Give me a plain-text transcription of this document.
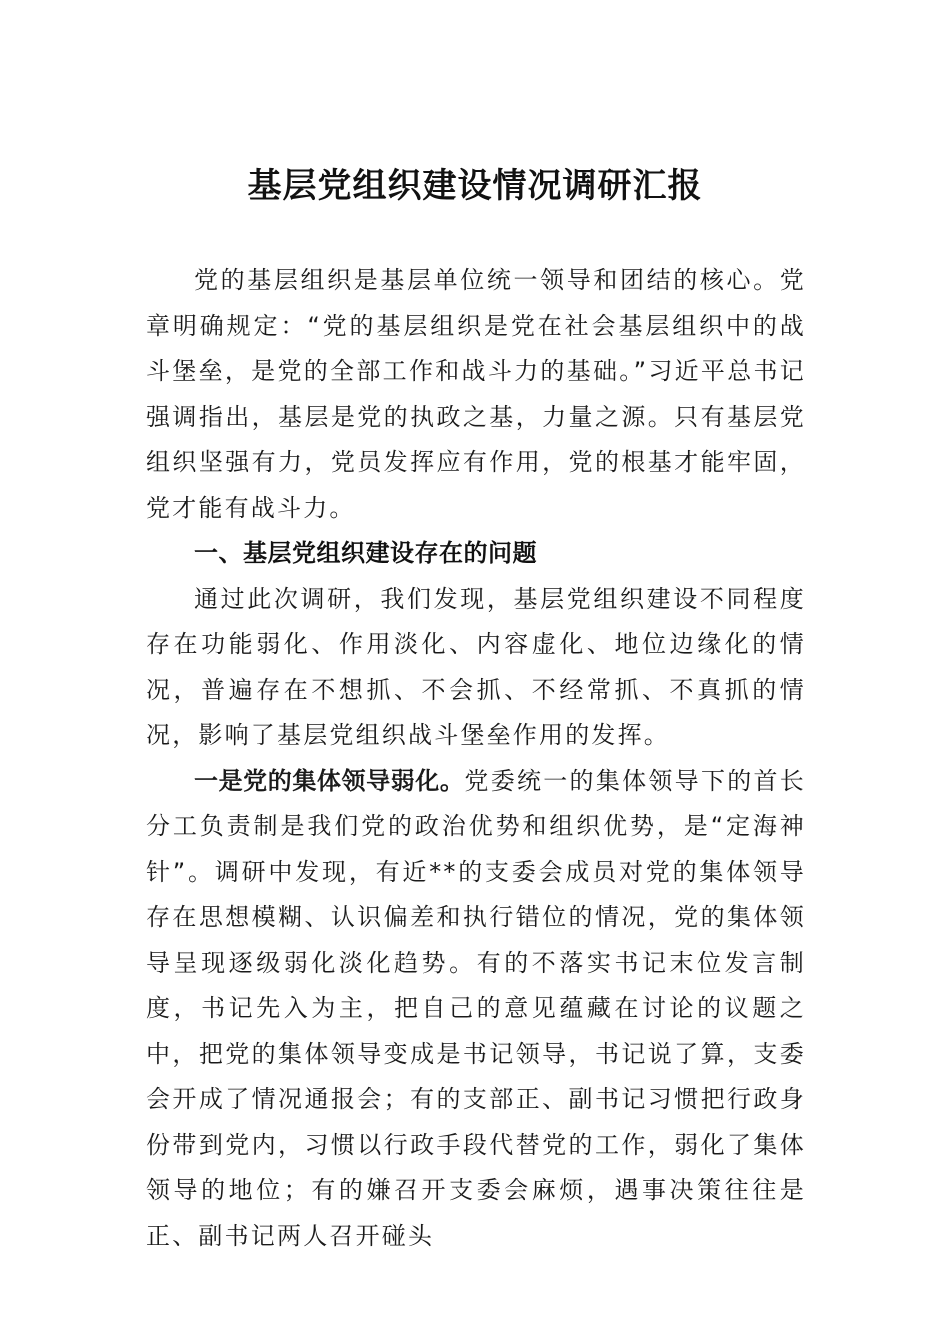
基层党组织建设情况调研汇报

党的基层组织是基层单位统一领导和团结的核心。党章明确规定：“党的基层组织是党在社会基层组织中的战斗堡垒，是党的全部工作和战斗力的基础。”习近平总书记强调指出，基层是党的执政之基，力量之源。只有基层党组织坚强有力，党员发挥应有作用，党的根基才能牢固，党才能有战斗力。

一、基层党组织建设存在的问题

通过此次调研，我们发现，基层党组织建设不同程度存在功能弱化、作用淡化、内容虚化、地位边缘化的情况，普遍存在不想抓、不会抓、不经常抓、不真抓的情况，影响了基层党组织战斗堡垒作用的发挥。

一是党的集体领导弱化。党委统一的集体领导下的首长分工负责制是我们党的政治优势和组织优势，是“定海神针”。调研中发现，有近**的支委会成员对党的集体领导存在思想模糊、认识偏差和执行错位的情况，党的集体领导呈现逐级弱化淡化趋势。有的不落实书记末位发言制度，书记先入为主，把自己的意见蕴藏在讨论的议题之中，把党的集体领导变成是书记领导，书记说了算，支委会开成了情况通报会；有的支部正、副书记习惯把行政身份带到党内，习惯以行政手段代替党的工作，弱化了集体领导的地位；有的嫌召开支委会麻烦，遇事决策往往是正、副书记两人召开碰头
